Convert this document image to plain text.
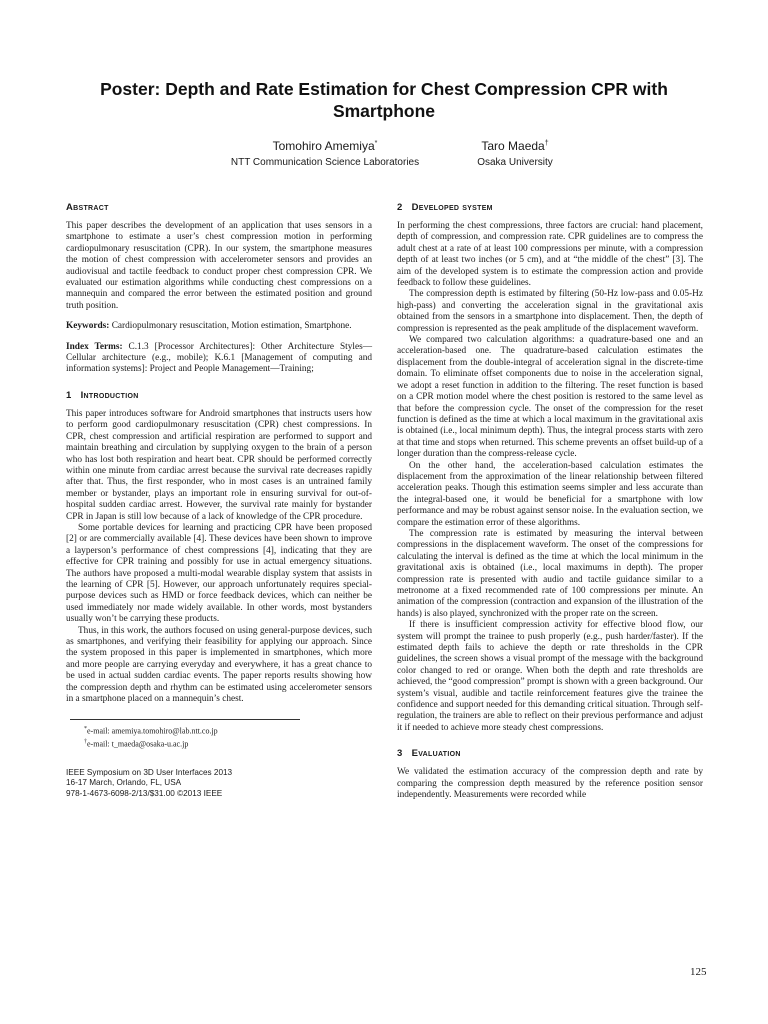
Poster: Depth and Rate Estimation for Chest Compression CPR with Smartphone
Tomohiro Amemiya*
NTT Communication Science Laboratories
Taro Maeda†
Osaka University
Abstract

This paper describes the development of an application that uses sensors in a smartphone to estimate a user’s chest compression motion in performing cardiopulmonary resuscitation (CPR). In our system, the smartphone measures the motion of chest compression with accelerometer sensors and provides an audiovisual and tactile feedback to conduct proper chest compression CPR. We evaluated our estimation algorithms while conducting chest compressions on a mannequin and compared the error between the estimated position and ground truth position.

Keywords: Cardiopulmonary resuscitation, Motion estimation, Smartphone.

Index Terms: C.1.3 [Processor Architectures]: Other Architecture Styles—Cellular architecture (e.g., mobile); K.6.1 [Management of computing and information systems]: Project and People Management—Training;

1 Introduction

This paper introduces software for Android smartphones that instructs users how to perform good cardiopulmonary resuscitation (CPR) chest compressions. In CPR, chest compression and artificial respiration are performed to support and maintain breathing and circulation by supplying oxygen to the brain of a person who has lost both respiration and heart beat. CPR should be performed correctly within one minute from cardiac arrest because the survival rate decreases rapidly after that. Thus, the first responder, who in most cases is an untrained family member or bystander, plays an important role in ensuring survival for out-of-hospital sudden cardiac arrest. However, the survival rate mainly for bystander CPR in Japan is still low because of a lack of knowledge of the CPR procedure.

Some portable devices for learning and practicing CPR have been proposed [2] or are commercially available [4]. These devices have been shown to improve a layperson’s performance of chest compressions [4], indicating that they are effective for CPR training and possibly for use in actual emergency situations. The authors have proposed a multi-modal wearable display system that assists in the learning of CPR [5]. However, our approach unfortunately requires special-purpose devices such as HMD or force feedback devices, which can neither be used immediately nor made widely available. In other words, most bystanders usually won’t be carrying these products.

Thus, in this work, the authors focused on using general-purpose devices, such as smartphones, and verifying their feasibility for applying our approach. Since the system proposed in this paper is implemented in smartphones, which more and more people are carrying everyday and everywhere, it has a great chance to be used in actual sudden cardiac events. The paper reports results showing how the compression depth and rhythm can be estimated using accelerometer sensors in a smartphone placed on a mannequin’s chest.

*e-mail: amemiya.tomohiro@lab.ntt.co.jp
†e-mail: t_maeda@osaka-u.ac.jp
IEEE Symposium on 3D User Interfaces 2013
16-17 March, Orlando, FL, USA
978-1-4673-6098-2/13/$31.00 ©2013 IEEE
2 Developed system

In performing the chest compressions, three factors are crucial: hand placement, depth of compression, and compression rate. CPR guidelines are to compress the adult chest at a rate of at least 100 compressions per minute, with a compression depth of at least two inches (or 5 cm), and at “the middle of the chest” [3]. The aim of the developed system is to estimate the compression action and provide feedback to follow these guidelines.

The compression depth is estimated by filtering (50-Hz low-pass and 0.05-Hz high-pass) and converting the acceleration signal in the gravitational axis obtained from the sensors in a smartphone into displacement. Then, the depth of compression is represented as the peak amplitude of the displacement waveform.

We compared two calculation algorithms: a quadrature-based one and an acceleration-based one. The quadrature-based calculation estimates the displacement from the double-integral of acceleration signal in the discrete-time domain. To eliminate offset components due to noise in the acceleration signal, we adopt a reset function in addition to the filtering. The reset function is based on a CPR motion model where the chest position is restored to the same level as that before the compression cycle. The onset of the compression for the reset function is defined as the time at which a local maximum in the gravitational axis is obtained (i.e., local minimum depth). Thus, the integral process starts with zero at that time and stops when returned. This scheme prevents an offset build-up of a longer duration than the compress-release cycle.

On the other hand, the acceleration-based calculation estimates the displacement from the approximation of the linear relationship between filtered acceleration peaks. Though this estimation seems simpler and less accurate than the integral-based one, it would be beneficial for a smartphone with low performance and may be robust against sensor noise. In the evaluation section, we compare the estimation error of these algorithms.

The compression rate is estimated by measuring the interval between compressions in the displacement waveform. The onset of the compressions for calculating the interval is defined as the time at which the local minimum in the gravitational axis is obtained (i.e., local maximums in depth). The proper compression rate is presented with audio and tactile guidance similar to a metronome at a fixed recommended rate of 100 compressions per minute. An animation of the compression (contraction and expansion of the illustration of the hands) is also played, synchronized with the proper rate on the screen.

If there is insufficient compression activity for effective blood flow, our system will prompt the trainee to push properly (e.g., push harder/faster). If the estimated depth fails to achieve the depth or rate thresholds in the CPR guidelines, the screen shows a visual prompt of the message with the background color changed to red or orange. When both the depth and rate thresholds are achieved, the “good compression” prompt is shown with a green background. Our system’s visual, audible and tactile reinforcement features give the trainee the confidence and support needed for this demanding critical situation. Through self-regulation, the trainers are able to reflect on their previous performance and adjust it if needed to achieve more steady chest compressions.

3 Evaluation

We validated the estimation accuracy of the compression depth and rate by comparing the compression depth measured by the reference position sensor independently. Measurements were recorded while

125
